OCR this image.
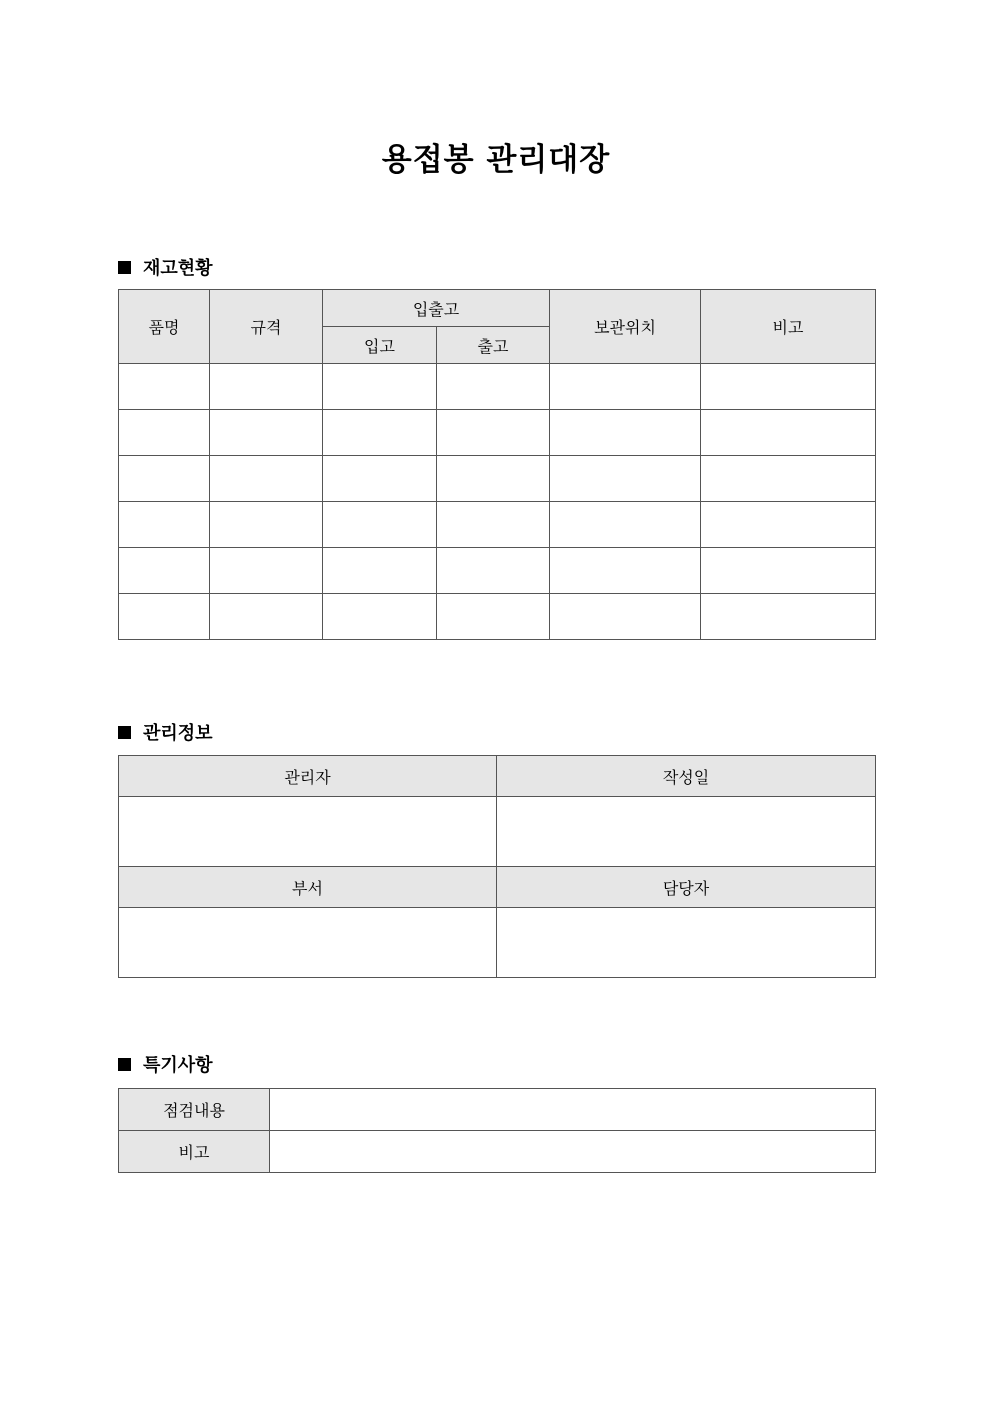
용접봉 관리대장
재고현황
품명	규격	입출고		보관위치	비고
		입고	출고		

관리정보
관리자	작성일

부서	담당자

특기사항
점검내용	
비고	
